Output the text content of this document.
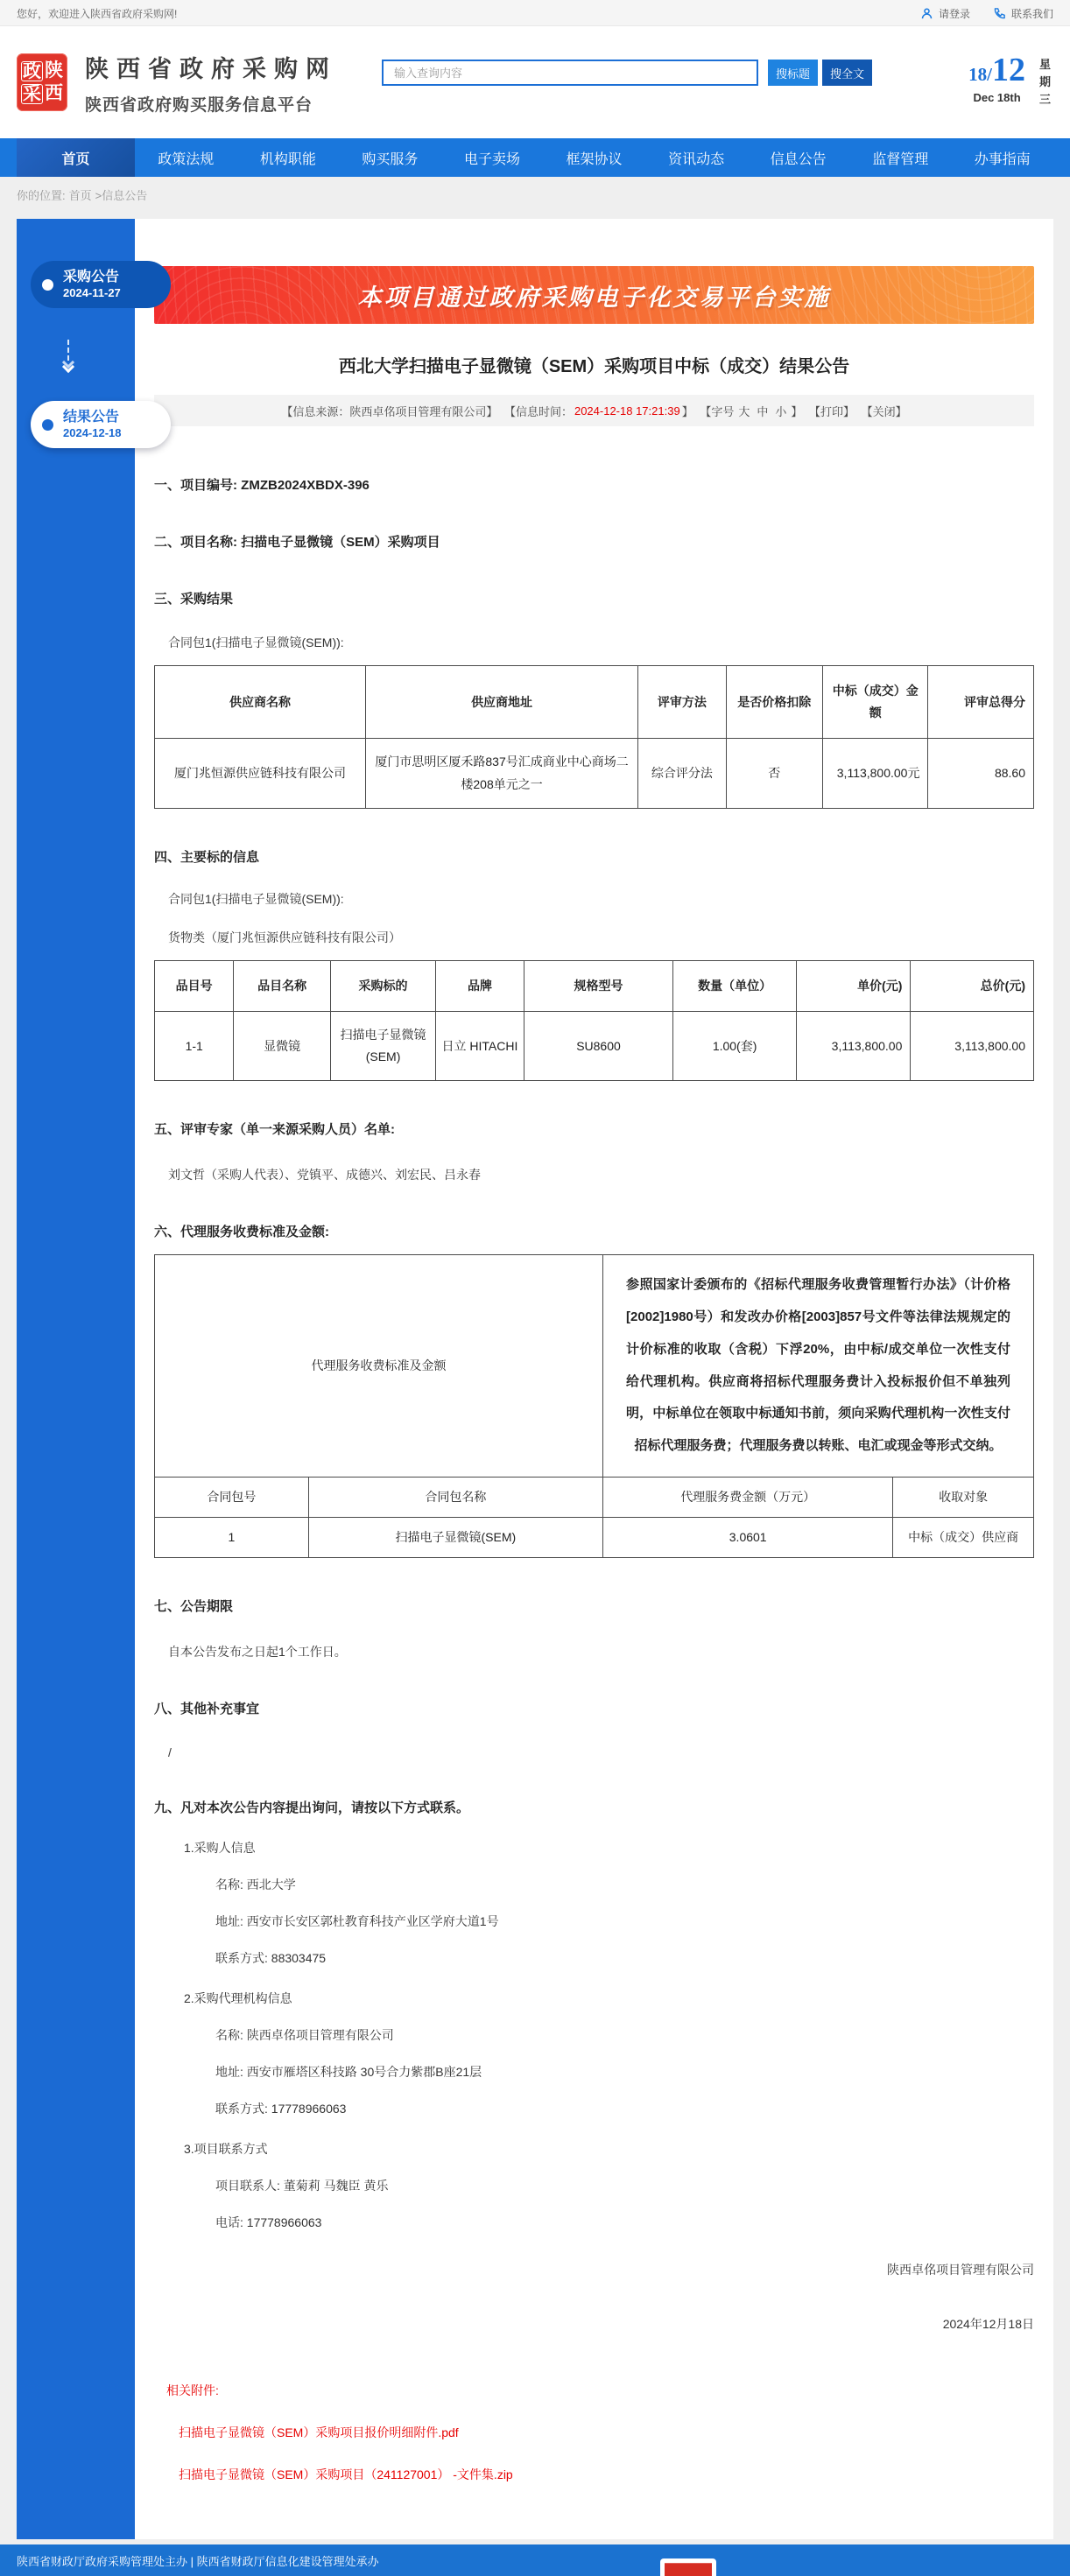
您好，欢迎进入陕西省政府采购网!	请登录	联系我们
政 陕
采 西
陕西省政府采购网
陕西省政府购买服务信息平台
输入查询内容
搜标题	搜全文	18/12
Dec 18th
星期三
首页	政策法规	机构职能	购买服务	电子卖场	框架协议	资讯动态	信息公告	监督管理	办事指南
你的位置: 首页 >信息公告
采购公告
2024-11-27
结果公告
2024-12-18
本项目通过政府采购电子化交易平台实施
西北大学扫描电子显微镜（SEM）采购项目中标（成交）结果公告
【信息来源：陕西卓佲项目管理有限公司】
【信息时间： 2024-12-18 17:21:39 】
【字号 大 中 小 】
【打印】
【关闭】
一、项目编号: ZMZB2024XBDX-396
二、项目名称: 扫描电子显微镜（SEM）采购项目
三、采购结果
合同包1(扫描电子显微镜(SEM)):
供应商名称	供应商地址	评审方法	是否价格扣除	中标（成交）金额	评审总得分
厦门兆恒源供应链科技有限公司	厦门市思明区厦禾路837号汇成商业中心商场二楼208单元之一	综合评分法	否	3,113,800.00元	88.60
四、主要标的信息
合同包1(扫描电子显微镜(SEM)):
货物类（厦门兆恒源供应链科技有限公司）
品目号	品目名称	采购标的	品牌	规格型号	数量（单位）	单价(元)	总价(元)
1-1	显微镜	扫描电子显微镜 (SEM)	日立 HITACHI	SU8600	1.00(套)	3,113,800.00	3,113,800.00
五、评审专家（单一来源采购人员）名单:
刘文哲（采购人代表）、党镇平、成德兴、刘宏民、吕永春
六、代理服务收费标准及金额:
代理服务收费标准及金额		参照国家计委颁布的《招标代理服务收费管理暂行办法》（计价格[2002]1980号）和发改办价格[2003]857号文件等法律法规规定的计价标准的收取（含税）下浮20%，由中标/成交单位一次性支付给代理机构。供应商将招标代理服务费计入投标报价但不单独列明，中标单位在领取中标通知书前，须向采购代理机构一次性支付招标代理服务费；代理服务费以转账、电汇或现金等形式交纳。	
合同包号	合同包名称	代理服务费金额（万元）	收取对象
1	扫描电子显微镜(SEM)	3.0601	中标（成交）供应商
七、公告期限
自本公告发布之日起1个工作日。
八、其他补充事宜
/
九、凡对本次公告内容提出询问，请按以下方式联系。
1.采购人信息
名称: 西北大学
地址: 西安市长安区郭杜教育科技产业区学府大道1号
联系方式: 88303475
2.采购代理机构信息
名称: 陕西卓佲项目管理有限公司
地址: 西安市雁塔区科技路 30号合力紫郡B座21层
联系方式: 17778966063
3.项目联系方式
项目联系人: 董菊莉 马魏臣 黄乐
电话: 17778966063
陕西卓佲项目管理有限公司
2024年12月18日
相关附件:
扫描电子显微镜（SEM）采购项目报价明细附件.pdf
扫描电子显微镜（SEM）采购项目（241127001） -文件集.zip
陕西省财政厅政府采购管理处主办 | 陕西省财政厅信息化建设管理处承办
